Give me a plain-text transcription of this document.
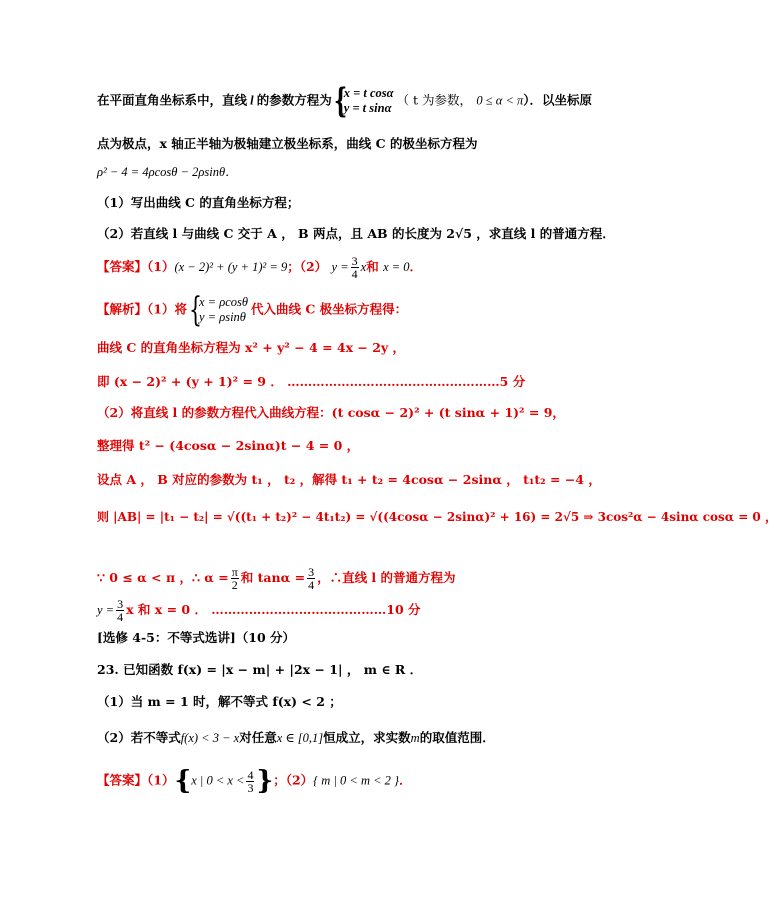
在平面直角坐标系中，直线 l 的参数方程为 { x = t cosα
y = t sinα
（ t 为参数， 0 ≤ α < π）．以坐标原
点为极点，x 轴正半轴为极轴建立极坐标系，曲线 C 的极坐标方程为
ρ² − 4 = 4ρcosθ − 2ρsinθ．
（1）写出曲线 C 的直角坐标方程；
（2）若直线 l 与曲线 C 交于 A ， B 两点，且 AB 的长度为 2√5 ，求直线 l 的普通方程．
【答案】（1）(x − 2)² + (y + 1)² = 9；（2） $y = \frac{3}{4}$ x和 x = 0．
【解析】（1）将 { x = ρcosθ
y = ρsinθ
代入曲线 C 极坐标方程得：
曲线 C 的直角坐标方程为 x² + y² − 4 = 4x − 2y ，
即 (x − 2)² + (y + 1)² = 9 ． ……………………………………………5 分
（2）将直线 l 的参数方程代入曲线方程：(t cosα − 2)² + (t sinα + 1)² = 9，
整理得 t² − (4cosα − 2sinα)t − 4 = 0 ，
设点 A ， B 对应的参数为 t₁ ， t₂ ，解得 t₁ + t₂ = 4cosα − 2sinα ， t₁t₂ = −4 ，
则 |AB| = |t₁ − t₂| = √((t₁ + t₂)² − 4t₁t₂) = √((4cosα − 2sinα)² + 16) = 2√5 ⇒ 3cos²α − 4sinα cosα = 0 ，
∵ 0 ≤ α < π ，∴ $\alpha = \frac{\pi}{2}$ 和 $\tan\alpha = \frac{3}{4}$ ，∴直线 l 的普通方程为
$y = \frac{3}{4}$ x 和 x = 0 ． ……………………………………10 分
[选修 4-5：不等式选讲]（10 分）
23. 已知函数 f(x) = |x − m| + |2x − 1| ， m ∈ R ．
（1）当 m = 1 时，解不等式 f(x) < 2 ；
（2）若不等式f(x) < 3 − x对任意x ∈ [0,1]恒成立，求实数m的取值范围．
【答案】（1）{x | $0 < x < \frac{4}{3}$ }；（2）{ m | 0 < m < 2 }．
